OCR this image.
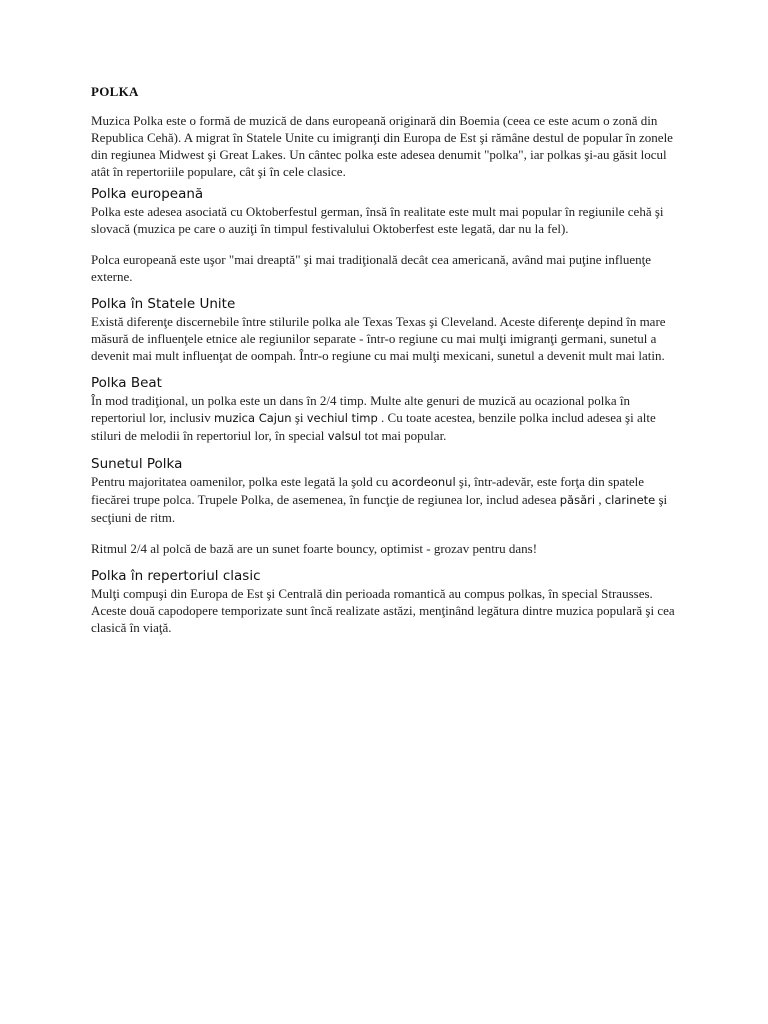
POLKA

Muzica Polka este o formă de muzică de dans europeană originară din Boemia (ceea ce este acum o zonă din Republica Cehă). A migrat în Statele Unite cu imigranţi din Europa de Est şi rămâne destul de popular în zonele din regiunea Midwest şi Great Lakes. Un cântec polka este adesea denumit "polka", iar polkas şi-au găsit locul atât în repertoriile populare, cât şi în cele clasice.

Polka europeană

Polka este adesea asociată cu Oktoberfestul german, însă în realitate este mult mai popular în regiunile cehă şi slovacă (muzica pe care o auziţi în timpul festivalului Oktoberfest este legată, dar nu la fel).

Polca europeană este uşor "mai dreaptă" şi mai tradiţională decât cea americană, având mai puţine influenţe externe.

Polka în Statele Unite

Există diferenţe discernebile între stilurile polka ale Texas Texas şi Cleveland. Aceste diferenţe depind în mare măsură de influenţele etnice ale regiunilor separate - într-o regiune cu mai mulţi imigranţi germani, sunetul a devenit mai mult influenţat de oompah. Într-o regiune cu mai mulţi mexicani, sunetul a devenit mult mai latin.

Polka Beat

În mod tradiţional, un polka este un dans în 2/4 timp. Multe alte genuri de muzică au ocazional polka în repertoriul lor, inclusiv muzica Cajun şi vechiul timp . Cu toate acestea, benzile polka includ adesea şi alte stiluri de melodii în repertoriul lor, în special valsul tot mai popular.

Sunetul Polka

Pentru majoritatea oamenilor, polka este legată la şold cu acordeonul şi, într-adevăr, este forţa din spatele fiecărei trupe polca. Trupele Polka, de asemenea, în funcţie de regiunea lor, includ adesea păsări , clarinete şi secţiuni de ritm.

Ritmul 2/4 al polcă de bază are un sunet foarte bouncy, optimist - grozav pentru dans!

Polka în repertoriul clasic

Mulţi compuşi din Europa de Est şi Centrală din perioada romantică au compus polkas, în special Strausses. Aceste două capodopere temporizate sunt încă realizate astăzi, menţinând legătura dintre muzica populară şi cea clasică în viaţă.
